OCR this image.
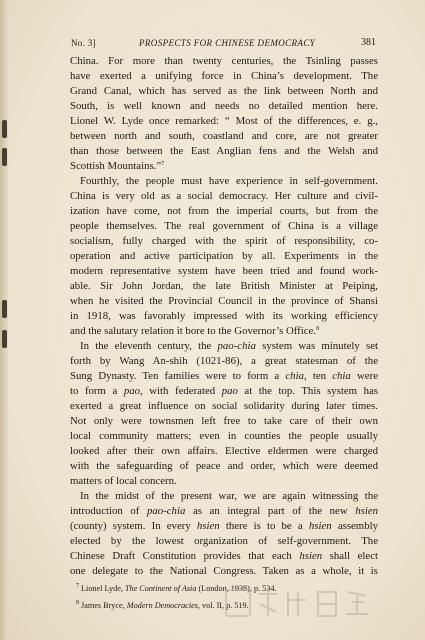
No. 3]	PROSPECTS FOR CHINESE DEMOCRACY	381
China. For more than twenty centuries, the Tsinling passes
have exerted a unifying force in China’s development. The
Grand Canal, which has served as the link between North and
South, is well known and needs no detailed mention here.
Lionel W. Lyde once remarked: “ Most of the differences, e. g.,
between north and south, coastland and core, are not greater
than those between the East Anglian fens and the Welsh and
Scottish Mountains.”$^7$
Fourthly, the people must have experience in self-government.
China is very old as a social democracy. Her culture and civil-
ization have come, not from the imperial courts, but from the
people themselves. The real government of China is a village
socialism, fully charged with the spirit of responsibility, co-
operation and active participation by all. Experiments in the
modern representative system have been tried and found work-
able. Sir John Jordan, the late British Minister at Peiping,
when he visited the Provincial Council in the province of Shansi
in 1918, was favorably impressed with its working efficiency
and the salutary relation it bore to the Governor’s Office.$^8$
In the eleventh century, the pao-chia system was minutely set
forth by Wang An-shih (1021-86), a great statesman of the
Sung Dynasty. Ten families were to form a chia, ten chia were
to form a pao, with federated pao at the top. This system has
exerted a great influence on social solidarity during later times.
Not only were townsmen left free to take care of their own
local community matters; even in counties the people usually
looked after their own affairs. Elective eldermen were charged
with the safeguarding of peace and order, which were deemed
matters of local concern.
In the midst of the present war, we are again witnessing the
introduction of pao-chia as an integral part of the new hsien
(county) system. In every hsien there is to be a hsien assembly
elected by the lowest organization of self-government. The
Chinese Draft Constitution provides that each hsien shall elect
one delegate to the National Congress. Taken as a whole, it is
$^7$ Lionel Lyde, The Continent of Asia (London, 1938), p. 534.
$^8$ James Bryce, Modern Democracies, vol. II, p. 519.
